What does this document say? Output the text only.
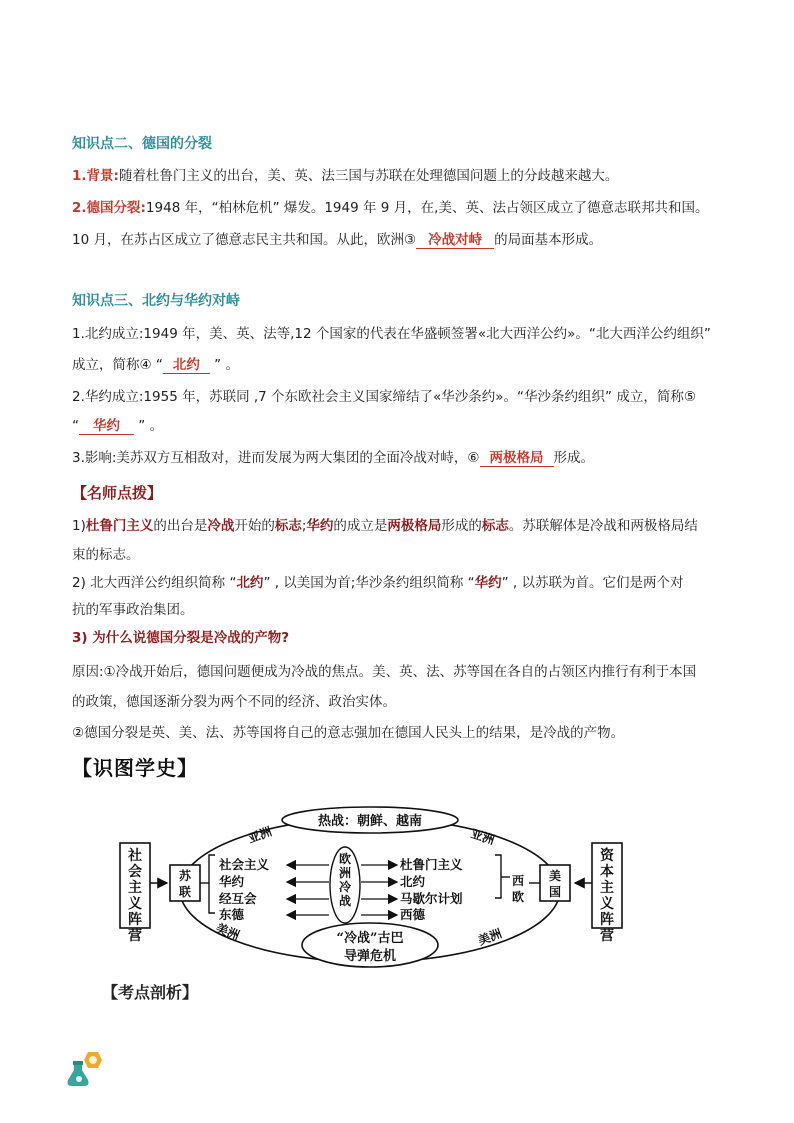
知识点二、德国的分裂
1.背景:随着杜鲁门主义的出台，美、英、法三国与苏联在处理德国问题上的分歧越来越大。
2.德国分裂:1948 年，“柏林危机” 爆发。1949 年 9 月，在,美、英、法占领区成立了德意志联邦共和国。
10 月，在苏占区成立了德意志民主共和国。从此，欧洲③ 冷战对峙 的局面基本形成。
知识点三、北约与华约对峙
1.北约成立:1949 年，美、英、法等,12 个国家的代表在华盛顿签署«北大西洋公约»。“北大西洋公约组织”
成立，简称④ “ 北约 ” 。
2.华约成立:1955 年，苏联同 ,7 个东欧社会主义国家缔结了«华沙条约»。“华沙条约组织” 成立，简称⑤
“ 华约 ” 。
3.影响:美苏双方互相敌对，进而发展为两大集团的全面冷战对峙，⑥ 两极格局 形成。
【名师点拨】
1)杜鲁门主义的出台是冷战开始的标志;华约的成立是两极格局形成的标志。苏联解体是冷战和两极格局结
束的标志。
2) 北大西洋公约组织简称 “北约” , 以美国为首;华沙条约组织简称 “华约” , 以苏联为首。它们是两个对
抗的军事政治集团。
3) 为什么说德国分裂是冷战的产物?
原因:①冷战开始后，德国问题便成为冷战的焦点。美、英、法、苏等国在各自的占领区内推行有利于本国
的政策，德国逐渐分裂为两个不同的经济、政治实体。
②德国分裂是英、美、法、苏等国将自己的意志强加在德国人民头上的结果，是冷战的产物。
【识图学史】
热战：朝鲜、越南
“冷战”古巴
导弹危机
亚洲	亚洲
美洲	美洲
社
会
主
义
阵
营
资
本
主
义
阵
营
苏
联
美
国
西
欧
欧
洲
冷
战
社会主义
华约
经互会
东德
杜鲁门主义
北约
马歇尔计划
西德
【考点剖析】
